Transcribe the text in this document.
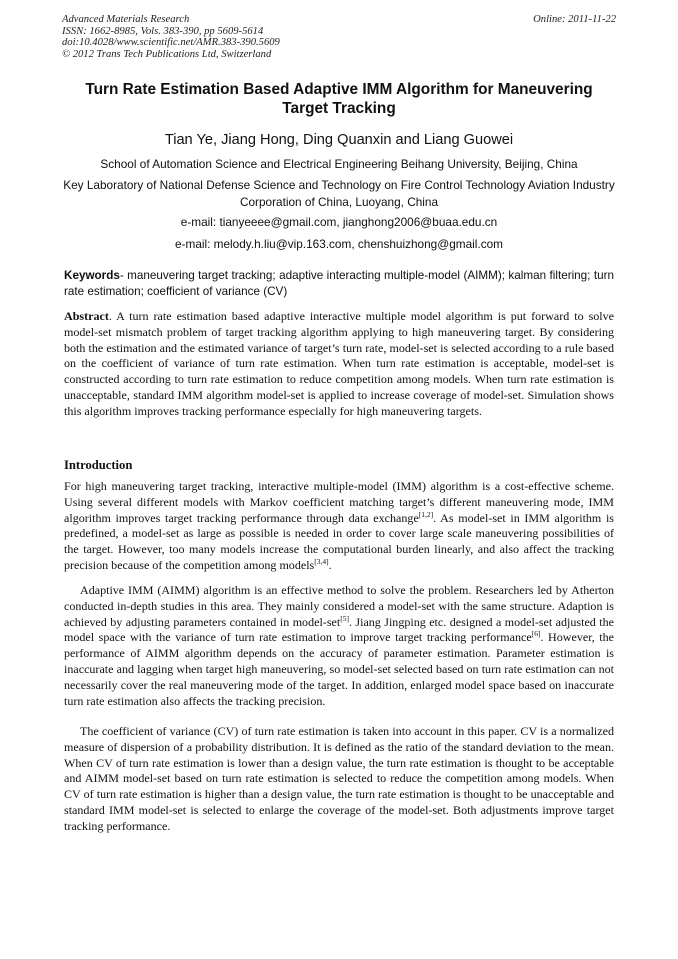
Advanced Materials Research	Online: 2011-11-22
ISSN: 1662-8985, Vols. 383-390, pp 5609-5614
doi:10.4028/www.scientific.net/AMR.383-390.5609
© 2012 Trans Tech Publications Ltd, Switzerland
Turn Rate Estimation Based Adaptive IMM Algorithm for Maneuvering Target Tracking
Tian Ye, Jiang Hong, Ding Quanxin and Liang Guowei
School of Automation Science and Electrical Engineering Beihang University, Beijing, China
Key Laboratory of National Defense Science and Technology on Fire Control Technology Aviation Industry Corporation of China, Luoyang, China
e-mail: tianyeeee@gmail.com, jianghong2006@buaa.edu.cn
e-mail: melody.h.liu@vip.163.com, chenshuizhong@gmail.com
Keywords- maneuvering target tracking; adaptive interacting multiple-model (AIMM); kalman filtering; turn rate estimation; coefficient of variance (CV)

Abstract. A turn rate estimation based adaptive interactive multiple model algorithm is put forward to solve model-set mismatch problem of target tracking algorithm applying to high maneuvering target. By considering both the estimation and the estimated variance of target’s turn rate, model-set is selected according to a rule based on the coefficient of variance of turn rate estimation. When turn rate estimation is acceptable, model-set is constructed according to turn rate estimation to reduce competition among models. When turn rate estimation is unacceptable, standard IMM algorithm model-set is applied to increase coverage of model-set. Simulation shows this algorithm improves tracking performance especially for high maneuvering targets.

Introduction

For high maneuvering target tracking, interactive multiple-model (IMM) algorithm is a cost-effective scheme. Using several different models with Markov coefficient matching target’s different maneuvering mode, IMM algorithm improves target tracking performance through data exchange[1,2]. As model-set in IMM algorithm is predefined, a model-set as large as possible is needed in order to cover large scale maneuvering possibilities of the target. However, too many models increase the computational burden linearly, and also affect the tracking precision because of the competition among models[3,4].

Adaptive IMM (AIMM) algorithm is an effective method to solve the problem. Researchers led by Atherton conducted in-depth studies in this area. They mainly considered a model-set with the same structure. Adaption is achieved by adjusting parameters contained in model-set[5]. Jiang Jingping etc. designed a model-set adjusted the model space with the variance of turn rate estimation to improve target tracking performance[6]. However, the performance of AIMM algorithm depends on the accuracy of parameter estimation. Parameter estimation is inaccurate and lagging when target high maneuvering, so model-set selected based on turn rate estimation can not necessarily cover the real maneuvering mode of the target. In addition, enlarged model space based on inaccurate turn rate estimation also affects the tracking precision.

The coefficient of variance (CV) of turn rate estimation is taken into account in this paper. CV is a normalized measure of dispersion of a probability distribution. It is defined as the ratio of the standard deviation to the mean. When CV of turn rate estimation is lower than a design value, the turn rate estimation is thought to be acceptable and AIMM model-set based on turn rate estimation is selected to reduce the competition among models. When CV of turn rate estimation is higher than a design value, the turn rate estimation is thought to be unacceptable and standard IMM model-set is selected to enlarge the coverage of the model-set. Both adjustments improve target tracking performance.
